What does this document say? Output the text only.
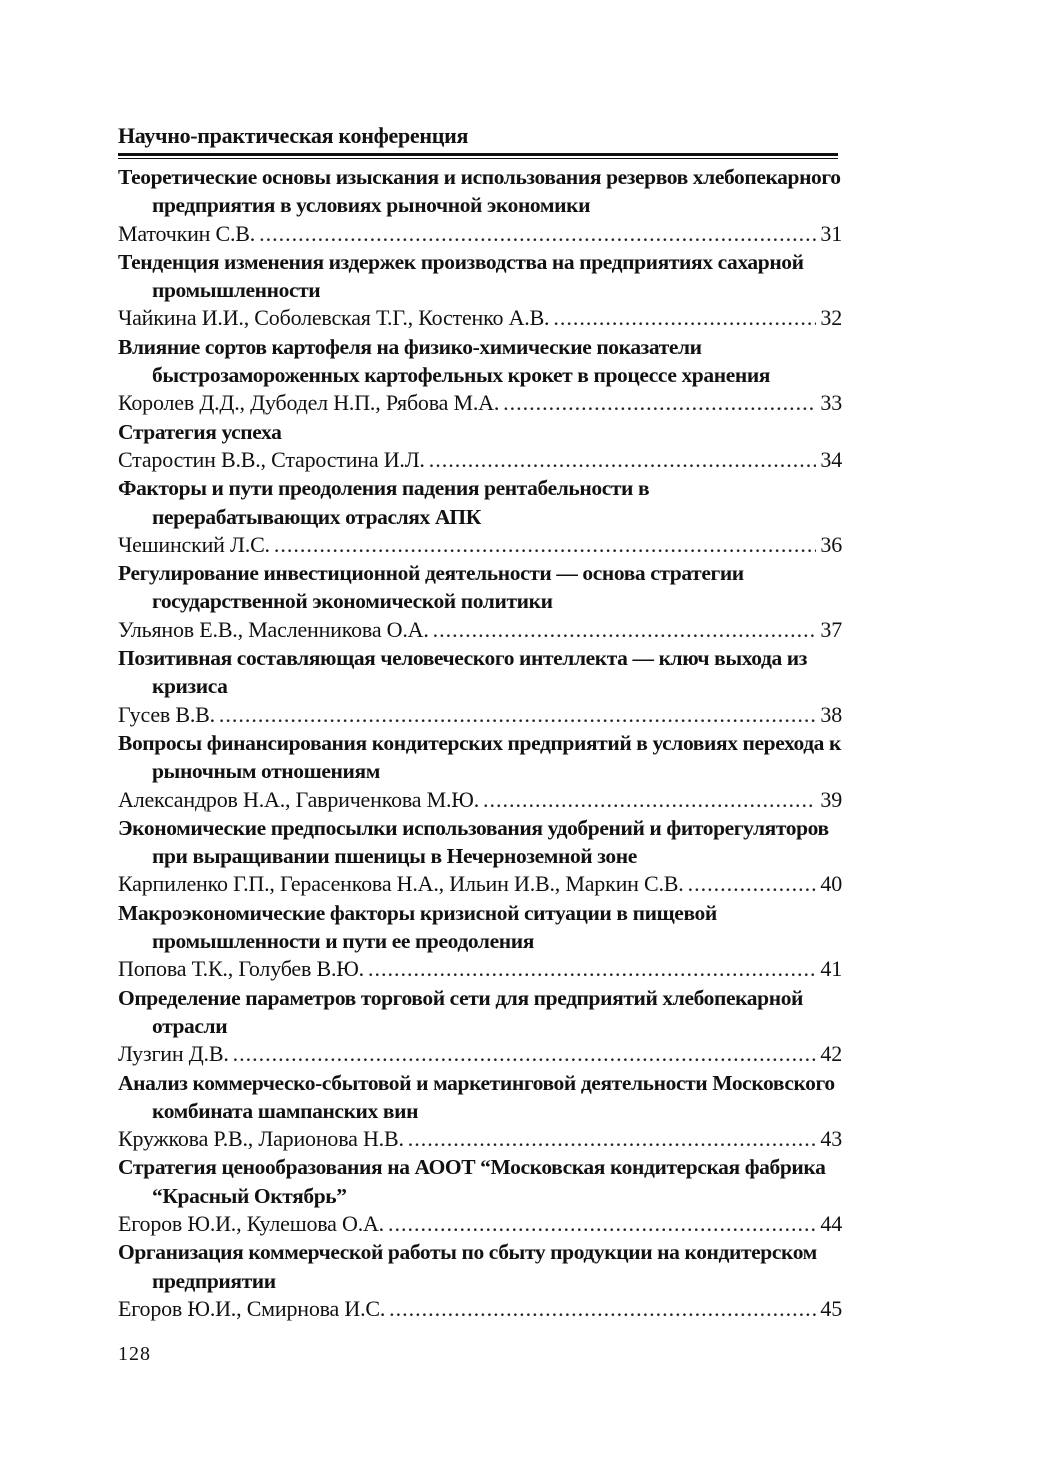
Научно-практическая конференция
Теоретические основы изыскания и использования резервов хлебопекарного предприятия в условиях рыночной экономики
Маточкин С.В. .....	31
Тенденция изменения издержек производства на предприятиях сахарной промышленности
Чайкина И.И., Соболевская Т.Г., Костенко А.В. .....	32
Влияние сортов картофеля на физико-химические показатели быстрозамороженных картофельных крокет в процессе хранения
Королев Д.Д., Дубодел Н.П., Рябова М.А. .....	33
Стратегия успеха
Старостин В.В., Старостина И.Л. .....	34
Факторы и пути преодоления падения рентабельности в перерабатывающих отраслях АПК
Чешинский Л.С. .....	36
Регулирование инвестиционной деятельности — основа стратегии государственной экономической политики
Ульянов Е.В., Масленникова О.А. .....	37
Позитивная составляющая человеческого интеллекта — ключ выхода из кризиса
Гусев В.В. .....	38
Вопросы финансирования кондитерских предприятий в условиях перехода к рыночным отношениям
Александров Н.А., Гавриченкова М.Ю. .....	39
Экономические предпосылки использования удобрений и фиторегуляторов при выращивании пшеницы в Нечерноземной зоне
Карпиленко Г.П., Герасенкова Н.А., Ильин И.В., Маркин С.В. .....	40
Макроэкономические факторы кризисной ситуации в пищевой промышленности и пути ее преодоления
Попова Т.К., Голубев В.Ю. .....	41
Определение параметров торговой сети для предприятий хлебопекарной отрасли
Лузгин Д.В. .....	42
Анализ коммерческо-сбытовой и маркетинговой деятельности Московского комбината шампанских вин
Кружкова Р.В., Ларионова Н.В. .....	43
Стратегия ценообразования на АООТ “Московская кондитерская фабрика “Красный Октябрь”
Егоров Ю.И., Кулешова О.А. .....	44
Организация коммерческой работы по сбыту продукции на кондитерском предприятии
Егоров Ю.И., Смирнова И.С. .....	45
128
